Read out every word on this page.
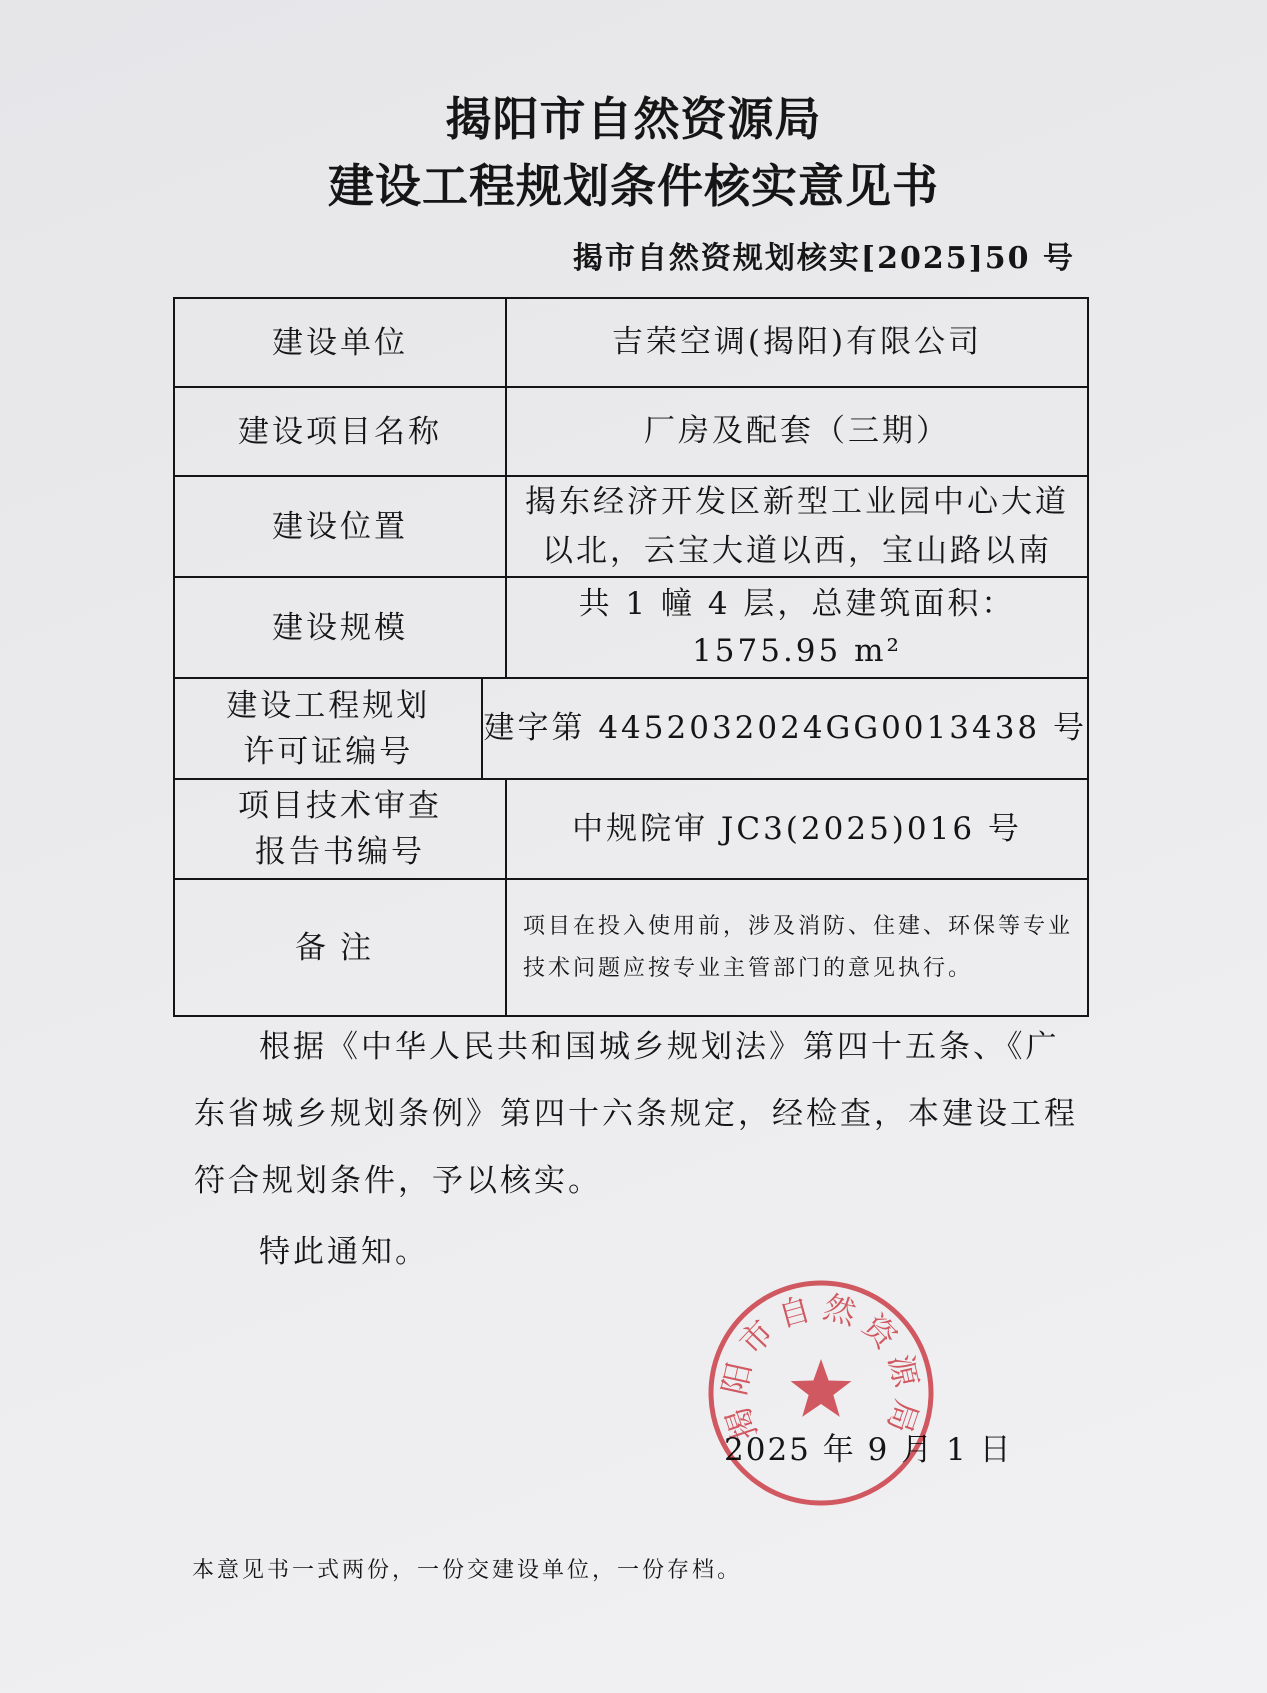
揭阳市自然资源局
建设工程规划条件核实意见书
揭市自然资规划核实[2025]50 号
建设单位	吉荣空调(揭阳)有限公司
建设项目名称	厂房及配套（三期）
建设位置
揭东经济开发区新型工业园中心大道
以北，云宝大道以西，宝山路以南
建设规模
共 1 幢 4 层，总建筑面积：
1575.95 m²
建设工程规划
许可证编号
建字第 4452032024GG0013438 号
项目技术审查
报告书编号
中规院审 JC3(2025)016 号
备注
项目在投入使用前，涉及消防、住建、环保等专业
技术问题应按专业主管部门的意见执行。
根据《中华人民共和国城乡规划法》第四十五条、《广
东省城乡规划条例》第四十六条规定，经检查，本建设工程
符合规划条件，予以核实。
特此通知。
2025 年 9 月 1 日
揭阳市自然资源局
本意见书一式两份，一份交建设单位，一份存档。
